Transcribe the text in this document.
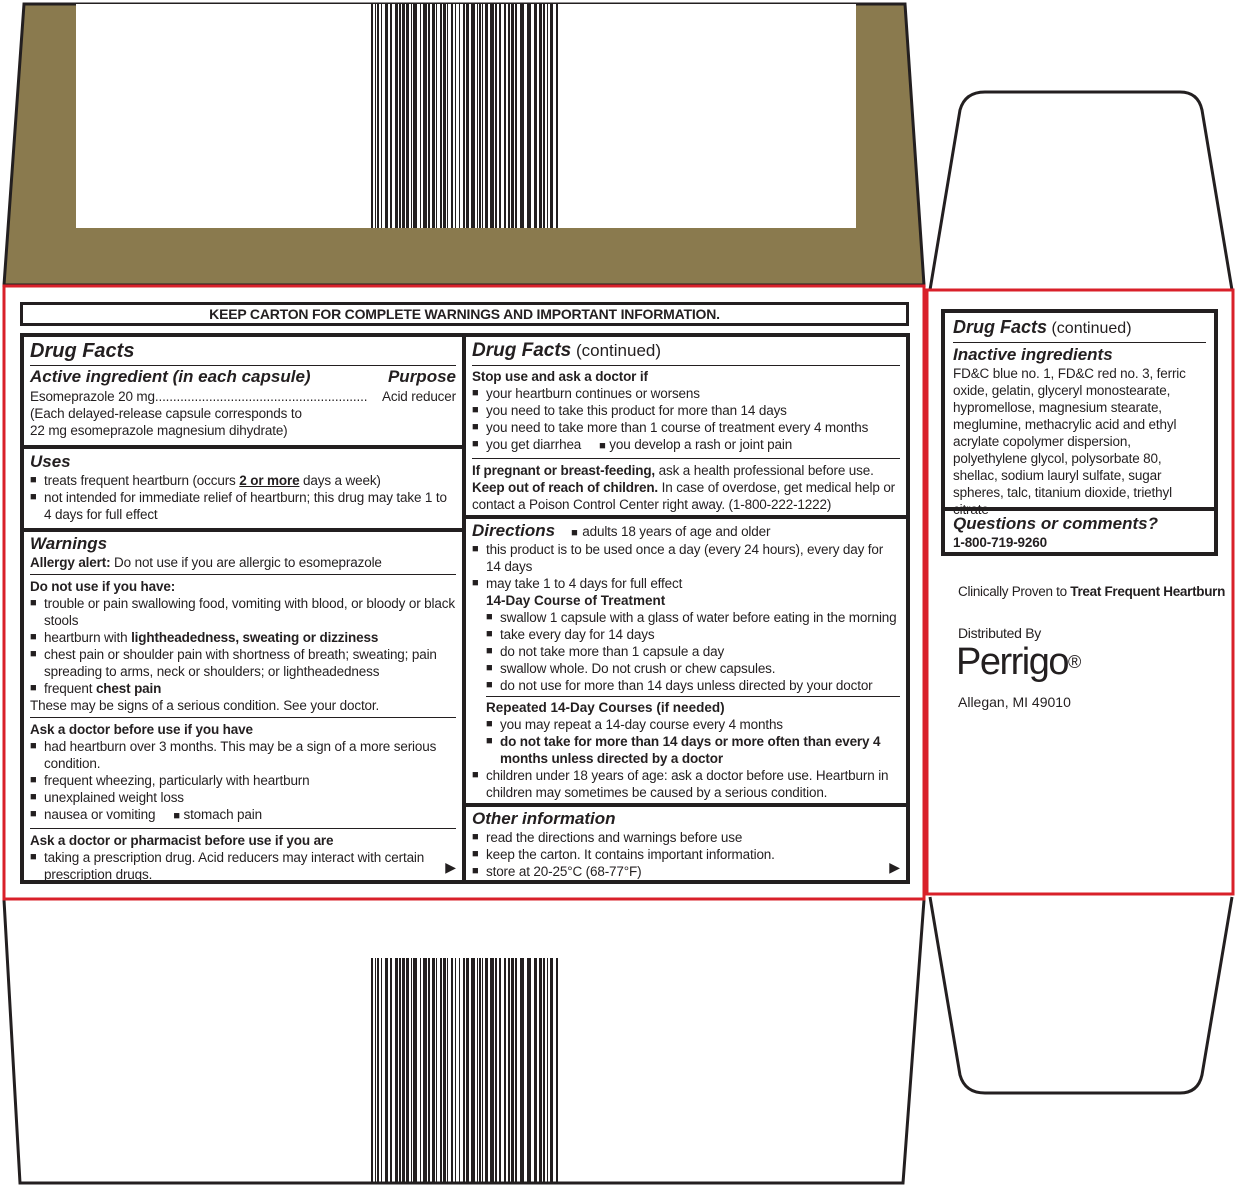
KEEP CARTON FOR COMPLETE WARNINGS AND IMPORTANT INFORMATION.
Drug Facts
Active ingredient (in each capsule)	Purpose
Esomeprazole 20 mg........................................................... Acid reducer
(Each delayed-release capsule corresponds to
22 mg esomeprazole magnesium dihydrate)
Uses
■ treats frequent heartburn (occurs 2 or more days a week)
■ not intended for immediate relief of heartburn; this drug may take 1 to 4 days for full effect
Warnings
Allergy alert: Do not use if you are allergic to esomeprazole
Do not use if you have:
■ trouble or pain swallowing food, vomiting with blood, or bloody or black stools
■ heartburn with lightheadedness, sweating or dizziness
■ chest pain or shoulder pain with shortness of breath; sweating; pain spreading to arms, neck or shoulders; or lightheadedness
■ frequent chest pain
These may be signs of a serious condition. See your doctor.
Ask a doctor before use if you have
■ had heartburn over 3 months. This may be a sign of a more serious condition.
■ frequent wheezing, particularly with heartburn
■ unexplained weight loss
■ nausea or vomiting ■ stomach pain
Ask a doctor or pharmacist before use if you are
■ taking a prescription drug. Acid reducers may interact with certain prescription drugs.	▶
Drug Facts (continued)
Stop use and ask a doctor if
■ your heartburn continues or worsens
■ you need to take this product for more than 14 days
■ you need to take more than 1 course of treatment every 4 months
■ you get diarrhea ■ you develop a rash or joint pain
If pregnant or breast-feeding, ask a health professional before use.
Keep out of reach of children. In case of overdose, get medical help or contact a Poison Control Center right away. (1-800-222-1222)
Directions ■ adults 18 years of age and older
■ this product is to be used once a day (every 24 hours), every day for 14 days
■ may take 1 to 4 days for full effect
14-Day Course of Treatment
■ swallow 1 capsule with a glass of water before eating in the morning
■ take every day for 14 days
■ do not take more than 1 capsule a day
■ swallow whole. Do not crush or chew capsules.
■ do not use for more than 14 days unless directed by your doctor
Repeated 14-Day Courses (if needed)
■ you may repeat a 14-day course every 4 months
■ do not take for more than 14 days or more often than every 4 months unless directed by a doctor
■ children under 18 years of age: ask a doctor before use. Heartburn in children may sometimes be caused by a serious condition.
Other information
■ read the directions and warnings before use
■ keep the carton. It contains important information.
■ store at 20-25°C (68-77°F)	▶
Drug Facts (continued)
Inactive ingredients
FD&C blue no. 1, FD&C red no. 3, ferric oxide, gelatin, glyceryl monostearate, hypromellose, magnesium stearate, meglumine, methacrylic acid and ethyl acrylate copolymer dispersion, polyethylene glycol, polysorbate 80, shellac, sodium lauryl sulfate, sugar spheres, talc, titanium dioxide, triethyl
Questions or comments?
1-800-719-9260
Clinically Proven to Treat Frequent Heartburn
Distributed By
Perrigo®
Allegan, MI 49010
